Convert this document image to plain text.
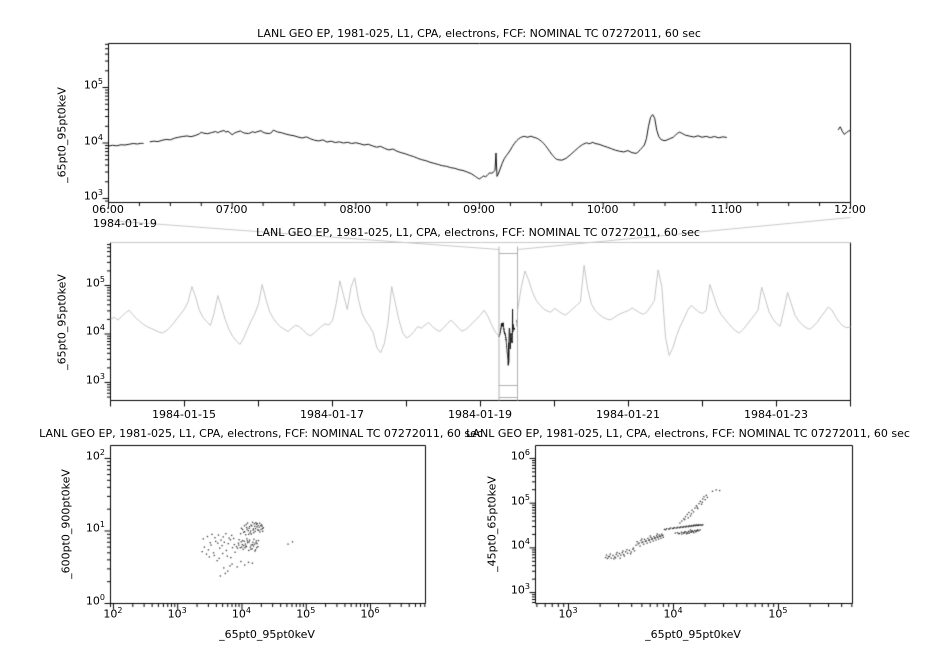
LANL GEO EP, 1981-025, L1, CPA, electrons, FCF: NOMINAL TC 07272011, 60 sec
LANL GEO EP, 1981-025, L1, CPA, electrons, FCF: NOMINAL TC 07272011, 60 sec
LANL GEO EP, 1981-025, L1, CPA, electrons, FCF: NOMINAL TC 07272011, 60 sec
LANL GEO EP, 1981-025, L1, CPA, electrons, FCF: NOMINAL TC 07272011, 60 sec
_65pt0_95pt0keV
_65pt0_95pt0keV
_600pt0_900pt0keV	_45pt0_65pt0keV
_65pt0_95pt0keV	_65pt0_95pt0keV
1984-01-19
06:00	07:00	08:00	09:00	10:00	11:00	12:00
1984-01-15	1984-01-17	1984-01-19	1984-01-21	1984-01-23
$10^3$
$10^4$
$10^5$
$10^3$
$10^4$
$10^5$
$10^0$
$10^1$
$10^2$
$10^3$
$10^4$
$10^5$
$10^6$
$10^2$	$10^3$	$10^4$	$10^5$	$10^6$	$10^3$	$10^4$	$10^5$
